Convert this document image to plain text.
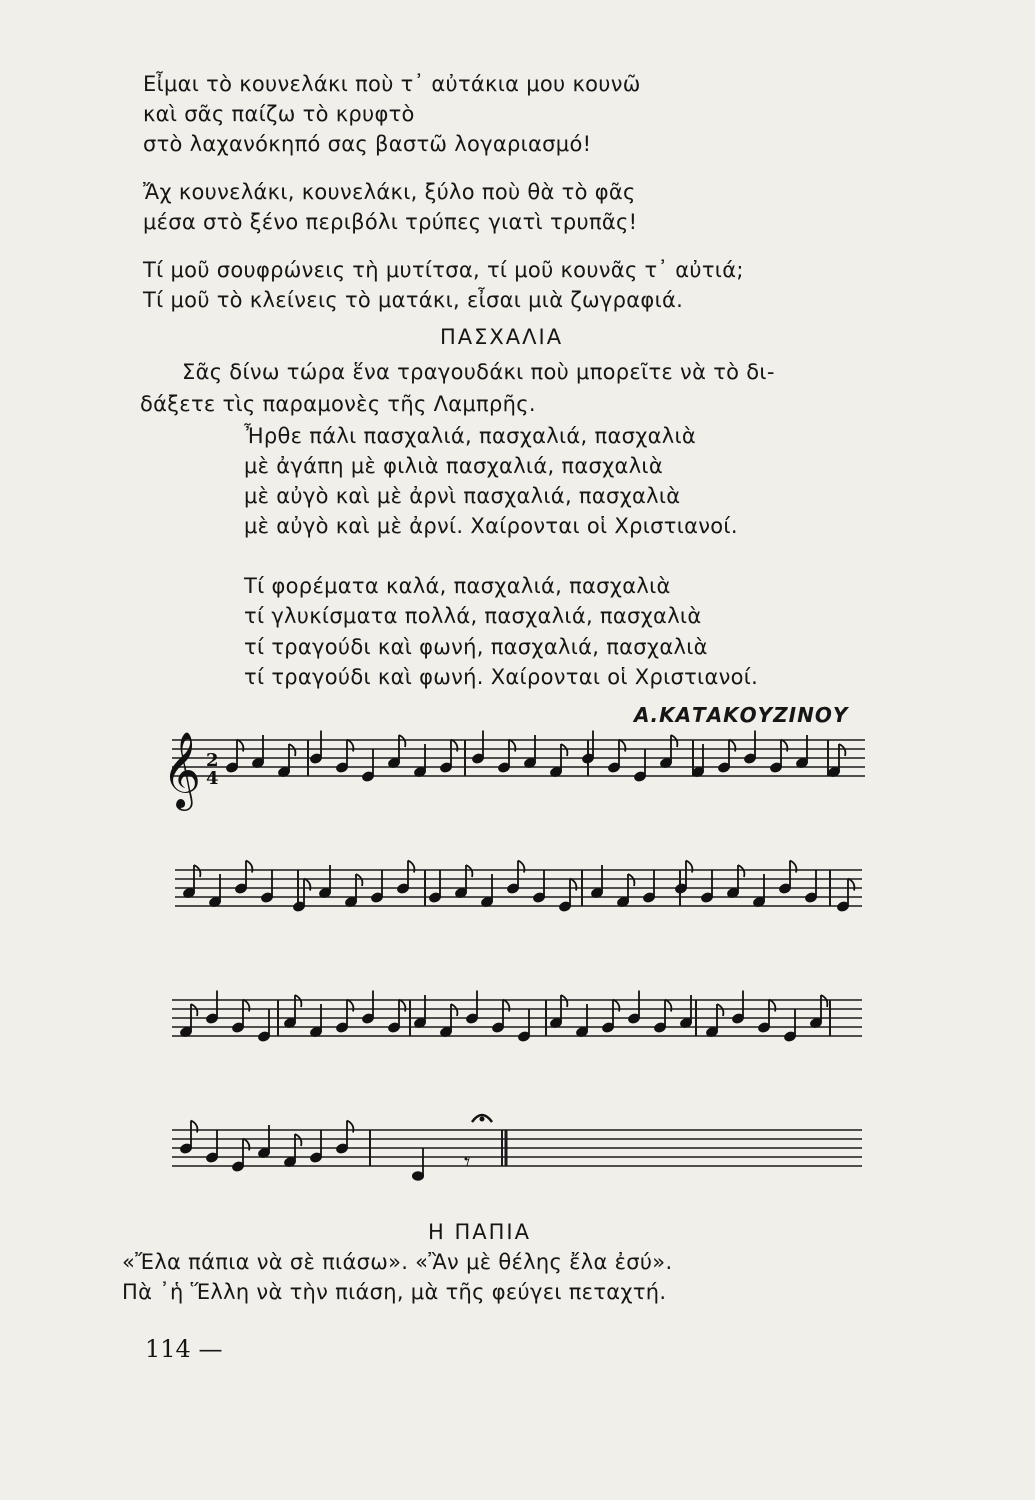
Εἶμαι τὸ κουνελάκι ποὺ τ᾿ αὐτάκια μου κουνῶ
καὶ σᾶς παίζω τὸ κρυφτὸ
στὸ λαχανόκηπό σας βαστῶ λογαριασμό!
Ἄχ κουνελάκι, κουνελάκι, ξύλο ποὺ θὰ τὸ φᾶς
μέσα στὸ ξένο περιβόλι τρύπες γιατὶ τρυπᾶς!
Τί μοῦ σουφρώνεις τὴ μυτίτσα, τί μοῦ κουνᾶς τ᾿ αὐτιά;
Τί μοῦ τὸ κλείνεις τὸ ματάκι, εἶσαι μιὰ ζωγραφιά.
ΠΑΣΧΑΛΙΑ
Σᾶς δίνω τώρα ἕνα τραγουδάκι ποὺ μπορεῖτε νὰ τὸ δι-
δάξετε τὶς παραμονὲς τῆς Λαμπρῆς.
Ἦρθε πάλι πασχαλιά, πασχαλιά, πασχαλιὰ
μὲ ἀγάπη μὲ φιλιὰ πασχαλιά, πασχαλιὰ
μὲ αὐγὸ καὶ μὲ ἀρνὶ πασχαλιά, πασχαλιὰ
μὲ αὐγὸ καὶ μὲ ἀρνί. Χαίρονται οἱ Χριστιανοί.
Τί φορέματα καλά, πασχαλιά, πασχαλιὰ
τί γλυκίσματα πολλά, πασχαλιά, πασχαλιὰ
τί τραγούδι καὶ φωνή, πασχαλιά, πασχαλιὰ
τί τραγούδι καὶ φωνή. Χαίρονται οἱ Χριστιανοί.
Α.ΚΑΤΑΚΟΥΖΙΝΟΥ
𝄞 2
4
𝄾
Η ΠΑΠΙΑ
«Ἔλα πάπια νὰ σὲ πιάσω». «Ἂν μὲ θέλης ἔλα ἐσύ».
Πὰ ᾿ἡ Ἕλλη νὰ τὴν πιάση, μὰ τῆς φεύγει πεταχτή.
114 —
